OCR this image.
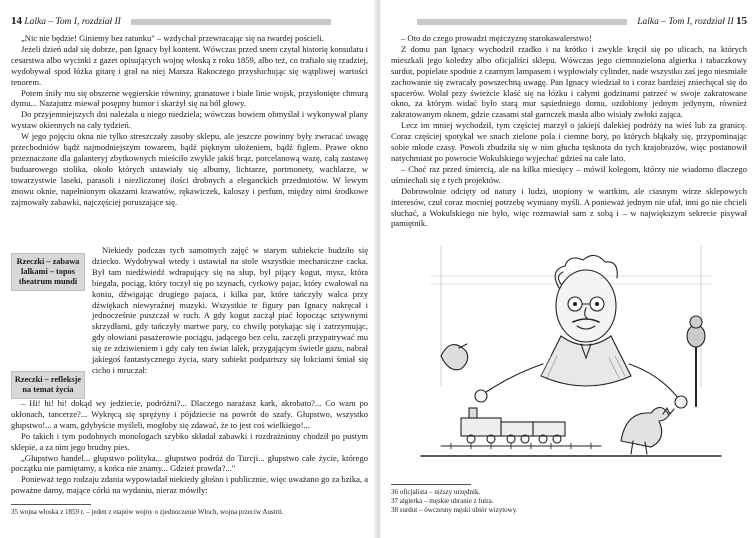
14 Lalka – Tom I, rozdział II

„Nic nie będzie! Giniemy bez ratunku" – wzdychał przewracając się na twardej pościeli.

Jeżeli dzień udał się dobrze, pan Ignacy był kontent. Wówczas przed snem czytał historię konsulatu i cesarstwa albo wycinki z gazet opisujących wojnę włoską z roku 1859, albo też, co trafiało się rzadziej, wydobywał spod łóżka gitarę i grał na niej Marsza Rakoczego przysłuchując się wątpliwej wartości tenorem.

Potem śniły mu się obszerne węgierskie równiny, granatowe i białe linie wojsk, przysłonięte chmurą dymu... Nazajutrz miewał posępny humor i skarżył się na ból głowy.

Do przyjemniejszych dni należała u niego niedziela; wówczas bowiem obmyślał i wykonywał plany wystaw okiennych na cały tydzień.

W jego pojęciu okna nie tylko streszczały zasoby sklepu, ale jeszcze powinny były zwracać uwagę przechodniów bądź najmodniejszym towarem, bądź pięknym ułożeniem, bądź figlem. Prawe okno przeznaczone dla galanteryj zbytkownych mieściło zwykle jakiś brąz, porcelanową wazę, całą zastawę buduarowego stolika, około których ustawiały się albumy, lichtarze, portmonety, wachlarze, w towarzystwie laseki, parasoli i niezliczonej ilości drobnych a eleganckich przedmiotów. W lewym znowu oknie, napełnionym okazami krawatów, rękawiczek, kaloszy i perfum, między nimi środkowe zajmowały zabawki, najczęściej poruszające się.

Rzeczki – zabawa lalkami – topos theatrum mundi
Rzeczki – refleksje na temat życia

Niekiedy podczas tych samotnych zajęć w starym subiekcie budziło się dziecko. Wydobywał wtedy i ustawiał na stole wszystkie mechaniczne cacka. Był tam niedźwiedź wdrapujący się na słup, był pijący kogut, mysz, która biegała, pociąg, który toczył się po szynach, cyrkowy pajac, który cwałował na koniu, dźwigając drugiego pajaca, i kilka par, które tańczyły walca przy dźwiękach niewyraźnej muzyki. Wszystkie te figury pan Ignacy nakręcał i jednocześnie puszczał w ruch. A gdy kogut zaczął piać łopocząc sztywnymi skrzydłami, gdy tańczyły martwe pary, co chwilę potykając się i zatrzymując, gdy ołowiani pasażerowie pociągu, jadącego bez celu, zaczęli przypatrywać mu się ze zdziwieniem i gdy cały ten świat lalek, przygającym świetle gazu, nabrał jakiegoś fantastycznego życia, stary subiekt podpartszy się łokciami śmiał się cicho i mruczał:

– Hi! hi! hi! dokąd wy jedziecie, podróżni?... Dlaczego narażasz kark, akrobato?... Co wam po ukłonach, tancerze?... Wykręcą się sprężyny i pójdziecie na powrót do szafy. Głupstwo, wszystko głupstwo!... a wam, gdybyście myśleli, mogłoby się zdawać, że to jest coś wielkiego!...

Po takich i tym podobnych monologach szybko składał zabawki i rozdrażniony chodził po pustym sklepie, a za nim jego brudny pies.

„Głupstwo handel... głupstwo polityka... głupstwo podróż do Turcji... głupstwo całe życie, którego początku nie pamiętamy, a końca nie znamy... Gdzież prawda?..."

Ponieważ tego rodzaju zdania wypowiadał niekiedy głośno i publicznie, więc uważano go za bzika, a poważne damy, mające córki na wydaniu, nieraz mówiły:

35 wojna włoska z 1859 r. – jeden z etapów wojny o zjednoczenie Włoch, wojna przeciw Austrii.
Lalka – Tom I, rozdział II 15

– Oto do czego prowadzi mężczyznę starokawalerstwo!

Z domu pan Ignacy wychodził rzadko i na krótko i zwykle kręcił się po ulicach, na których mieszkali jego koledzy albo oficjaliści sklepu. Wówczas jego ciemnozielona algierka i tabaczkowy surdut, popielate spodnie z czarnym lampasem i wypłowiały cylinder, nade wszystko zaś jego niesmiałe zachowanie się zwracały powszechną uwagę. Pan Ignacy wiedział to i coraz bardziej zniechęcał się do spacerów. Wolał przy świeżcie klaść się na łóżku i całymi godzinami patrzeć w swoje zakratowane okno, za którym widać było starą mur sąsiedniego domu, ozdobiony jednym jedynym, również zakratowanym oknem, gdzie czasami stał garnczek masła albo wisiały zwłoki zająca.

Lecz im mniej wychodził, tym częściej marzył o jakiejś dalekiej podróży na wieś lub za granicę. Coraz częściej spotykał we snach zielone pola i ciemne bory, po których błąkały się, przypominając sobie młode czasy. Powoli zbudziła się w nim głucha tęsknota do tych krajobrazów, więc postanowił natychmiast po powrocie Wokulskiego wyjechać gdzieś na całe lato.

– Choć raz przed śmiercią, ale na kilka miesięcy – mówił kolegom, którzy nie wiadomo dlaczego uśmiechali się z tych projektów.

Dobrowolnie odcięty od natury i ludzi, utopiony w wartkim, ale ciasnym wirze sklepowych interesów, czuł coraz mocniej potrzebę wymiany myśli. A ponieważ jednym nie ufał, inni go nie chcieli słuchać, a Wokulskiego nie było, więc rozmawiał sam z sobą i – w największym sekrecie pisywał pamiętnik.

36 oficjalista – niższy urzędnik.
37 algierka – męskie ubranie z futra.
38 surdut – ówczesny męski ubiór wizytowy.
